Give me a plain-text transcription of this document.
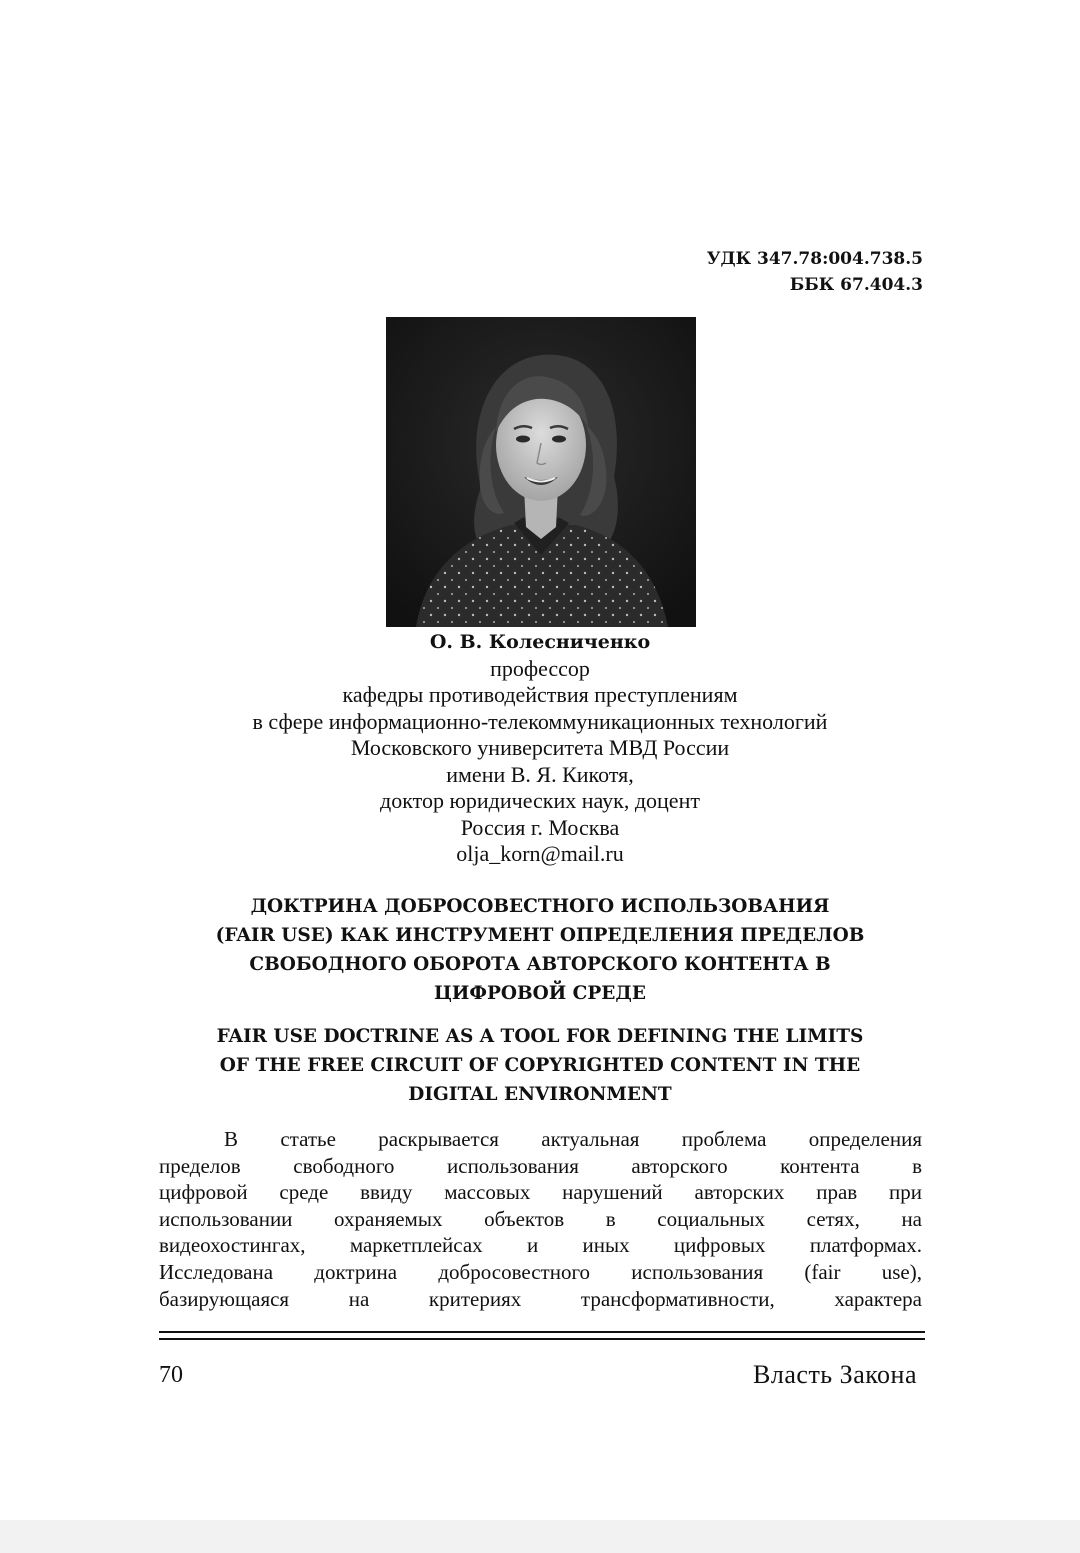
УДК 347.78:004.738.5
ББК 67.404.3
О. В. Колесниченко
профессор
кафедры противодействия преступлениям
в сфере информационно-телекоммуникационных технологий
Московского университета МВД России
имени В. Я. Кикотя,
доктор юридических наук, доцент
Россия г. Москва
olja_korn@mail.ru
ДОКТРИНА ДОБРОСОВЕСТНОГО ИСПОЛЬЗОВАНИЯ
(FAIR USE) КАК ИНСТРУМЕНТ ОПРЕДЕЛЕНИЯ ПРЕДЕЛОВ
СВОБОДНОГО ОБОРОТА АВТОРСКОГО КОНТЕНТА В
ЦИФРОВОЙ СРЕДЕ
FAIR USE DOCTRINE AS A TOOL FOR DEFINING THE LIMITS
OF THE FREE CIRCUIT OF COPYRIGHTED CONTENT IN THE
DIGITAL ENVIRONMENT
В статье раскрывается актуальная проблема определения
пределов свободного использования авторского контента в
цифровой среде ввиду массовых нарушений авторских прав при
использовании охраняемых объектов в социальных сетях, на
видеохостингах, маркетплейсах и иных цифровых платформах.
Исследована доктрина добросовестного использования (fair use),
базирующаяся на критериях трансформативности, характера
70	Власть Закона
